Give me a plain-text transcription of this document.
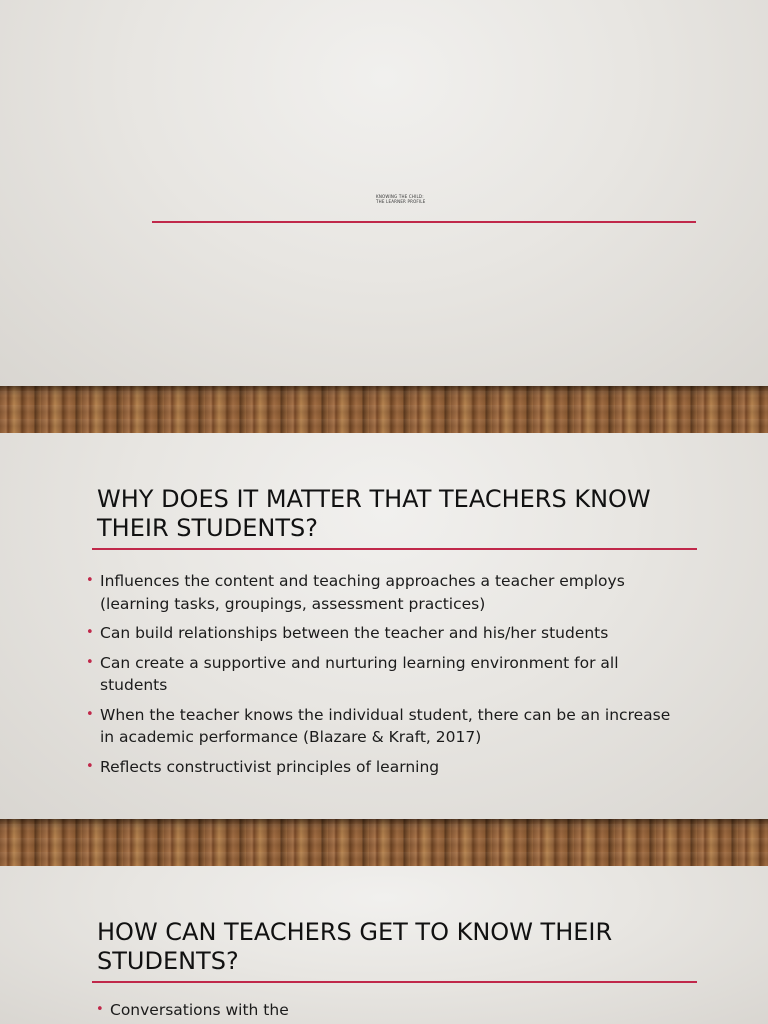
KNOWING THE CHILD:
THE LEARNER PROFILE
WHY DOES IT MATTER THAT TEACHERS KNOW THEIR STUDENTS?
• Influences the content and teaching approaches a teacher employs (learning tasks, groupings, assessment practices)
• Can build relationships between the teacher and his/her students
• Can create a supportive and nurturing learning environment for all students
• When the teacher knows the individual student, there can be an increase in academic performance (Blazare & Kraft, 2017)
• Reflects constructivist principles of learning
HOW CAN TEACHERS GET TO KNOW THEIR STUDENTS?
• Conversations with the
